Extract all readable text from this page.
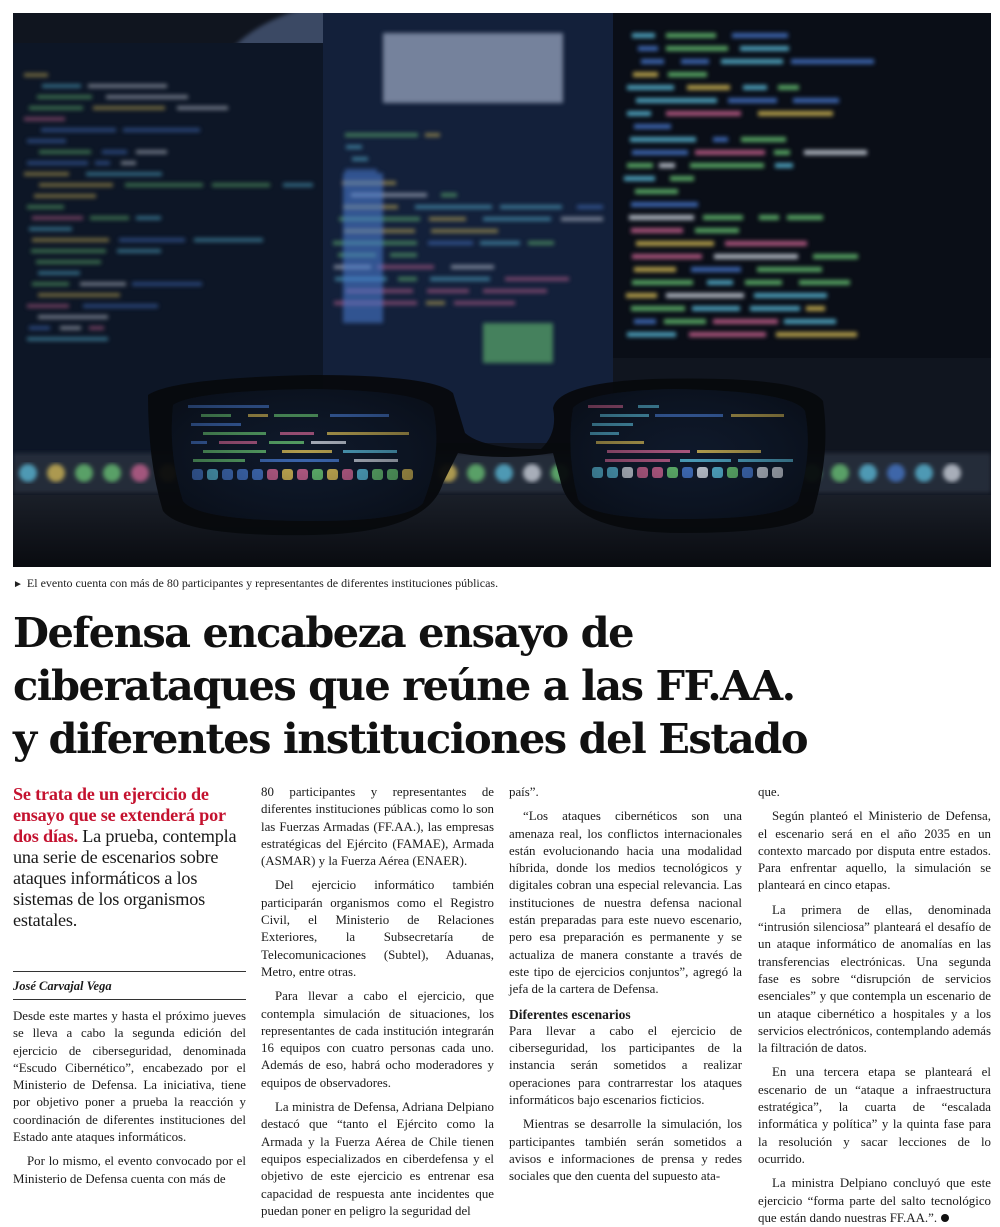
► El evento cuenta con más de 80 participantes y representantes de diferentes instituciones públicas.
Defensa encabeza ensayo de
ciberataques que reúne a las FF.AA.
y diferentes instituciones del Estado

Se trata de un ejercicio de ensayo que se extenderá por dos días. La prueba, contempla una serie de escenarios sobre ataques informáticos a los sistemas de los organismos estatales.

José Carvajal Vega

Desde este martes y hasta el próximo jueves se lleva a cabo la segunda edición del ejercicio de ciberseguridad, denominada “Escudo Cibernético”, encabezado por el Ministerio de Defensa. La iniciativa, tiene por objetivo poner a prueba la reacción y coordinación de diferentes instituciones del Estado ante ataques informáticos.

Por lo mismo, el evento convocado por el Ministerio de Defensa cuenta con más de

80 participantes y representantes de diferentes instituciones públicas como lo son las Fuerzas Armadas (FF.AA.), las empresas estratégicas del Ejército (FAMAE), Armada (ASMAR) y la Fuerza Aérea (ENAER).

Del ejercicio informático también participarán organismos como el Registro Civil, el Ministerio de Relaciones Exteriores, la Subsecretaría de Telecomunicaciones (Subtel), Aduanas, Metro, entre otras.

Para llevar a cabo el ejercicio, que contempla simulación de situaciones, los representantes de cada institución integrarán 16 equipos con cuatro personas cada uno. Además de eso, habrá ocho moderadores y equipos de observadores.

La ministra de Defensa, Adriana Delpiano destacó que “tanto el Ejército como la Armada y la Fuerza Aérea de Chile tienen equipos especializados en ciberdefensa y el objetivo de este ejercicio es entrenar esa capacidad de respuesta ante incidentes que puedan poner en peligro la seguridad del

país”.

“Los ataques cibernéticos son una amenaza real, los conflictos internacionales están evolucionando hacia una modalidad híbrida, donde los medios tecnológicos y digitales cobran una especial relevancia. Las instituciones de nuestra defensa nacional están preparadas para este nuevo escenario, pero esa preparación es permanente y se actualiza de manera constante a través de este tipo de ejercicios conjuntos”, agregó la jefa de la cartera de Defensa.

Diferentes escenarios

Para llevar a cabo el ejercicio de ciberseguridad, los participantes de la instancia serán sometidos a realizar operaciones para contrarrestar los ataques informáticos bajo escenarios ficticios.

Mientras se desarrolle la simulación, los participantes también serán sometidos a avisos e informaciones de prensa y redes sociales que den cuenta del supuesto ata-

que.

Según planteó el Ministerio de Defensa, el escenario será en el año 2035 en un contexto marcado por disputa entre estados. Para enfrentar aquello, la simulación se planteará en cinco etapas.

La primera de ellas, denominada “intrusión silenciosa” planteará el desafío de un ataque informático de anomalías en las transferencias electrónicas. Una segunda fase es sobre “disrupción de servicios esenciales” y que contempla un escenario de un ataque cibernético a hospitales y a los servicios electrónicos, contemplando además la filtración de datos.

En una tercera etapa se planteará el escenario de un “ataque a infraestructura estratégica”, la cuarta de “escalada informática y política” y la quinta fase para la resolución y sacar lecciones de lo ocurrido.

La ministra Delpiano concluyó que este ejercicio “forma parte del salto tecnológico que están dando nuestras FF.AA.”.
